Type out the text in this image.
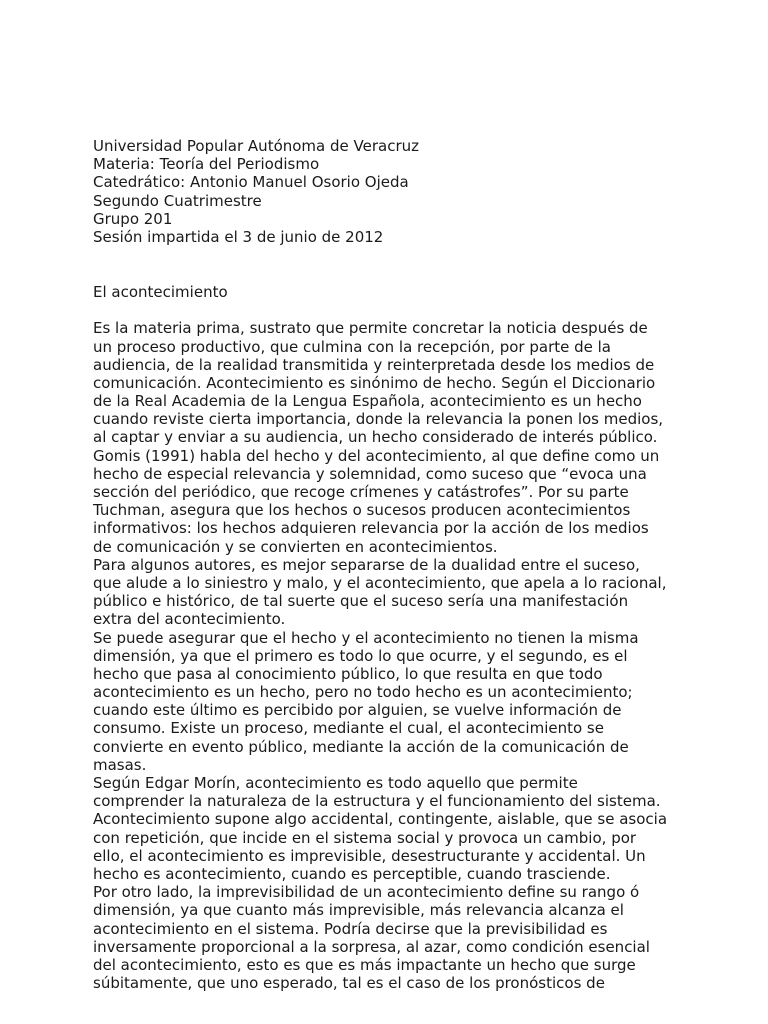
Universidad Popular Autónoma de Veracruz
Materia: Teoría del Periodismo
Catedrático: Antonio Manuel Osorio Ojeda
Segundo Cuatrimestre
Grupo 201
Sesión impartida el 3 de junio de 2012
El acontecimiento
Es la materia prima, sustrato que permite concretar la noticia después de
un proceso productivo, que culmina con la recepción, por parte de la
audiencia, de la realidad transmitida y reinterpretada desde los medios de
comunicación. Acontecimiento es sinónimo de hecho. Según el Diccionario
de la Real Academia de la Lengua Española, acontecimiento es un hecho
cuando reviste cierta importancia, donde la relevancia la ponen los medios,
al captar y enviar a su audiencia, un hecho considerado de interés público.
Gomis (1991) habla del hecho y del acontecimiento, al que define como un
hecho de especial relevancia y solemnidad, como suceso que “evoca una
sección del periódico, que recoge crímenes y catástrofes”. Por su parte
Tuchman, asegura que los hechos o sucesos producen acontecimientos
informativos: los hechos adquieren relevancia por la acción de los medios
de comunicación y se convierten en acontecimientos.
Para algunos autores, es mejor separarse de la dualidad entre el suceso,
que alude a lo siniestro y malo, y el acontecimiento, que apela a lo racional,
público e histórico, de tal suerte que el suceso sería una manifestación
extra del acontecimiento.
Se puede asegurar que el hecho y el acontecimiento no tienen la misma
dimensión, ya que el primero es todo lo que ocurre, y el segundo, es el
hecho que pasa al conocimiento público, lo que resulta en que todo
acontecimiento es un hecho, pero no todo hecho es un acontecimiento;
cuando este último es percibido por alguien, se vuelve información de
consumo. Existe un proceso, mediante el cual, el acontecimiento se
convierte en evento público, mediante la acción de la comunicación de
masas.
Según Edgar Morín, acontecimiento es todo aquello que permite
comprender la naturaleza de la estructura y el funcionamiento del sistema.
Acontecimiento supone algo accidental, contingente, aislable, que se asocia
con repetición, que incide en el sistema social y provoca un cambio, por
ello, el acontecimiento es imprevisible, desestructurante y accidental. Un
hecho es acontecimiento, cuando es perceptible, cuando trasciende.
Por otro lado, la imprevisibilidad de un acontecimiento define su rango ó
dimensión, ya que cuanto más imprevisible, más relevancia alcanza el
acontecimiento en el sistema. Podría decirse que la previsibilidad es
inversamente proporcional a la sorpresa, al azar, como condición esencial
del acontecimiento, esto es que es más impactante un hecho que surge
súbitamente, que uno esperado, tal es el caso de los pronósticos de
